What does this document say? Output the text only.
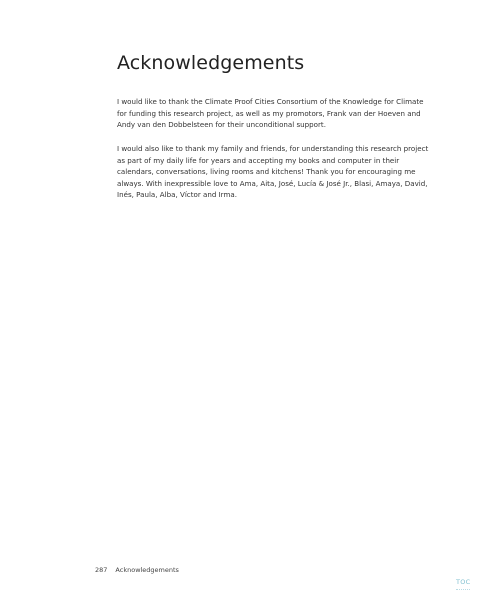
Acknowledgements

I would like to thank the Climate Proof Cities Consortium of the Knowledge for Climate for funding this research project, as well as my promotors, Frank van der Hoeven and Andy van den Dobbelsteen for their unconditional support.

I would also like to thank my family and friends, for understanding this research project as part of my daily life for years and accepting my books and computer in their calendars, conversations, living rooms and kitchens! Thank you for encouraging me always. With inexpressible love to Ama, Aita, José, Lucía & José Jr., Blasi, Amaya, David, Inés, Paula, Alba, Víctor and Irma.

287 Acknowledgements
TOC
